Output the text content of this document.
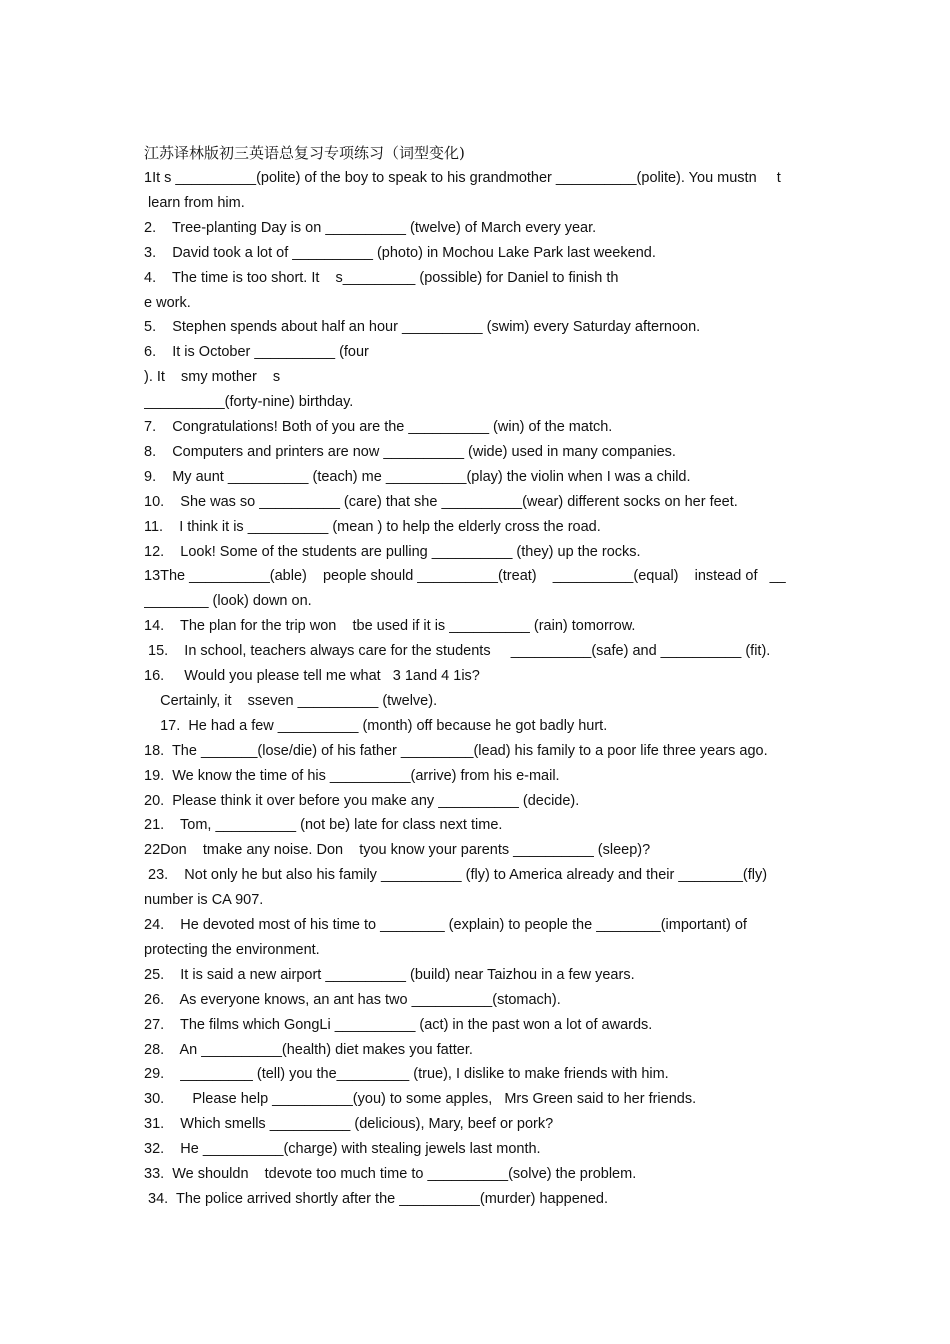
江苏译林版初三英语总复习专项练习（词型变化)
1It s __________(polite) of the boy to speak to his grandmother __________(polite). You mustn     t
learn from him.
2.    Tree-planting Day is on __________ (twelve) of March every year.
3.    David took a lot of __________ (photo) in Mochou Lake Park last weekend.
4.    The time is too short. It    s_________ (possible) for Daniel to finish th
e work.
5.    Stephen spends about half an hour __________ (swim) every Saturday afternoon.
6.    It is October __________ (four
). It    smy mother    s
__________(forty-nine) birthday.
7.    Congratulations! Both of you are the __________ (win) of the match.
8.    Computers and printers are now __________ (wide) used in many companies.
9.    My aunt __________ (teach) me __________(play) the violin when I was a child.
10.    She was so __________ (care) that she __________(wear) different socks on her feet.
11.    I think it is __________ (mean ) to help the elderly cross the road.
12.    Look! Some of the students are pulling __________ (they) up the rocks.
13The __________(able)    people should __________(treat)    __________(equal)    instead of   __
________ (look) down on.
14.    The plan for the trip won    tbe used if it is __________ (rain) tomorrow.
15.    In school, teachers always care for the students     __________(safe) and __________ (fit).
16.     Would you please tell me what   3 1and 4 1is?
Certainly, it    sseven __________ (twelve).
17.  He had a few __________ (month) off because he got badly hurt.
18.  The _______(lose/die) of his father _________(lead) his family to a poor life three years ago.
19.  We know the time of his __________(arrive) from his e-mail.
20.  Please think it over before you make any __________ (decide).
21.    Tom, __________ (not be) late for class next time.
22Don    tmake any noise. Don    tyou know your parents __________ (sleep)?
23.    Not only he but also his family __________ (fly) to America already and their ________(fly)
number is CA 907.
24.    He devoted most of his time to ________ (explain) to people the ________(important) of
protecting the environment.
25.    It is said a new airport __________ (build) near Taizhou in a few years.
26.    As everyone knows, an ant has two __________(stomach).
27.    The films which GongLi __________ (act) in the past won a lot of awards.
28.    An __________(health) diet makes you fatter.
29.    _________ (tell) you the_________ (true), I dislike to make friends with him.
30.       Please help __________(you) to some apples,   Mrs Green said to her friends.
31.    Which smells __________ (delicious), Mary, beef or pork?
32.    He __________(charge) with stealing jewels last month.
33.  We shouldn    tdevote too much time to __________(solve) the problem.
34.  The police arrived shortly after the __________(murder) happened.
